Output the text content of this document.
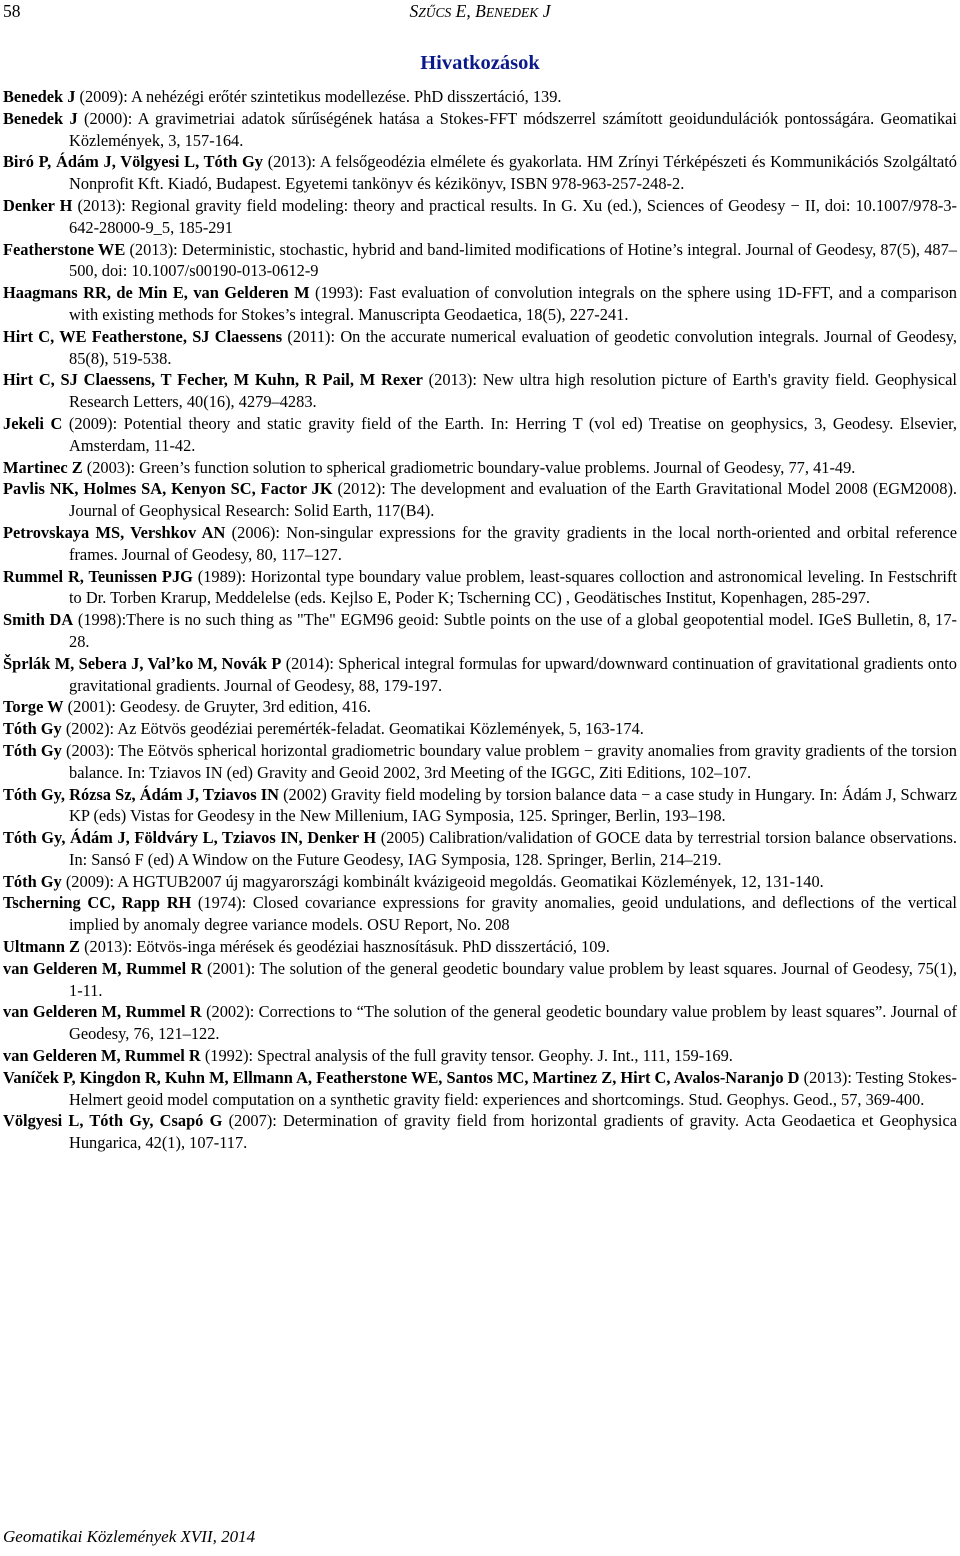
58	SZŰCS E, BENEDEK J
Hivatkozások
Benedek J (2009): A nehézégi erőtér szintetikus modellezése. PhD disszertáció, 139.
Benedek J (2000): A gravimetriai adatok sűrűségének hatása a Stokes-FFT módszerrel számított geoidundulációk pontosságára. Geomatikai Közlemények, 3, 157-164.
Biró P, Ádám J, Völgyesi L, Tóth Gy (2013): A felsőgeodézia elmélete és gyakorlata. HM Zrínyi Térképészeti és Kommunikációs Szolgáltató Nonprofit Kft. Kiadó, Budapest. Egyetemi tankönyv és kézikönyv, ISBN 978-963-257-248-2.
Denker H (2013): Regional gravity field modeling: theory and practical results. In G. Xu (ed.), Sciences of Geodesy − II, doi: 10.1007/978-3-642-28000-9_5, 185-291
Featherstone WE (2013): Deterministic, stochastic, hybrid and band-limited modifications of Hotine’s integral. Journal of Geodesy, 87(5), 487–500, doi: 10.1007/s00190-013-0612-9
Haagmans RR, de Min E, van Gelderen M (1993): Fast evaluation of convolution integrals on the sphere using 1D-FFT, and a comparison with existing methods for Stokes’s integral. Manuscripta Geodaetica, 18(5), 227-241.
Hirt C, WE Featherstone, SJ Claessens (2011): On the accurate numerical evaluation of geodetic convolution integrals. Journal of Geodesy, 85(8), 519-538.
Hirt C, SJ Claessens, T Fecher, M Kuhn, R Pail, M Rexer (2013): New ultra high resolution picture of Earth's gravity field. Geophysical Research Letters, 40(16), 4279–4283.
Jekeli C (2009): Potential theory and static gravity field of the Earth. In: Herring T (vol ed) Treatise on geophysics, 3, Geodesy. Elsevier, Amsterdam, 11-42.
Martinec Z (2003): Green’s function solution to spherical gradiometric boundary-value problems. Journal of Geodesy, 77, 41-49.
Pavlis NK, Holmes SA, Kenyon SC, Factor JK (2012): The development and evaluation of the Earth Gravitational Model 2008 (EGM2008). Journal of Geophysical Research: Solid Earth, 117(B4).
Petrovskaya MS, Vershkov AN (2006): Non-singular expressions for the gravity gradients in the local north-oriented and orbital reference frames. Journal of Geodesy, 80, 117–127.
Rummel R, Teunissen PJG (1989): Horizontal type boundary value problem, least-squares colloction and astronomical leveling. In Festschrift to Dr. Torben Krarup, Meddelelse (eds. Kejlso E, Poder K; Tscherning CC) , Geodätisches Institut, Kopenhagen, 285-297.
Smith DA (1998):There is no such thing as "The" EGM96 geoid: Subtle points on the use of a global geopotential model. IGeS Bulletin, 8, 17-28.
Šprlák M, Sebera J, Val’ko M, Novák P (2014): Spherical integral formulas for upward/downward continuation of gravitational gradients onto gravitational gradients. Journal of Geodesy, 88, 179-197.
Torge W (2001): Geodesy. de Gruyter, 3rd edition, 416.
Tóth Gy (2002): Az Eötvös geodéziai peremérték-feladat. Geomatikai Közlemények, 5, 163-174.
Tóth Gy (2003): The Eötvös spherical horizontal gradiometric boundary value problem − gravity anomalies from gravity gradients of the torsion balance. In: Tziavos IN (ed) Gravity and Geoid 2002, 3rd Meeting of the IGGC, Ziti Editions, 102–107.
Tóth Gy, Rózsa Sz, Ádám J, Tziavos IN (2002) Gravity field modeling by torsion balance data − a case study in Hungary. In: Ádám J, Schwarz KP (eds) Vistas for Geodesy in the New Millenium, IAG Symposia, 125. Springer, Berlin, 193–198.
Tóth Gy, Ádám J, Földváry L, Tziavos IN, Denker H (2005) Calibration/validation of GOCE data by terrestrial torsion balance observations. In: Sansó F (ed) A Window on the Future Geodesy, IAG Symposia, 128. Springer, Berlin, 214–219.
Tóth Gy (2009): A HGTUB2007 új magyarországi kombinált kvázigeoid megoldás. Geomatikai Közlemények, 12, 131-140.
Tscherning CC, Rapp RH (1974): Closed covariance expressions for gravity anomalies, geoid undulations, and deflections of the vertical implied by anomaly degree variance models. OSU Report, No. 208
Ultmann Z (2013): Eötvös-inga mérések és geodéziai hasznosításuk. PhD disszertáció, 109.
van Gelderen M, Rummel R (2001): The solution of the general geodetic boundary value problem by least squares. Journal of Geodesy, 75(1), 1-11.
van Gelderen M, Rummel R (2002): Corrections to “The solution of the general geodetic boundary value problem by least squares”. Journal of Geodesy, 76, 121–122.
van Gelderen M, Rummel R (1992): Spectral analysis of the full gravity tensor. Geophy. J. Int., 111, 159-169.
Vaníček P, Kingdon R, Kuhn M, Ellmann A, Featherstone WE, Santos MC, Martinez Z, Hirt C, Avalos-Naranjo D (2013): Testing Stokes-Helmert geoid model computation on a synthetic gravity field: experiences and shortcomings. Stud. Geophys. Geod., 57, 369-400.
Völgyesi L, Tóth Gy, Csapó G (2007): Determination of gravity field from horizontal gradients of gravity. Acta Geodaetica et Geophysica Hungarica, 42(1), 107-117.
Geomatikai Közlemények XVII, 2014
